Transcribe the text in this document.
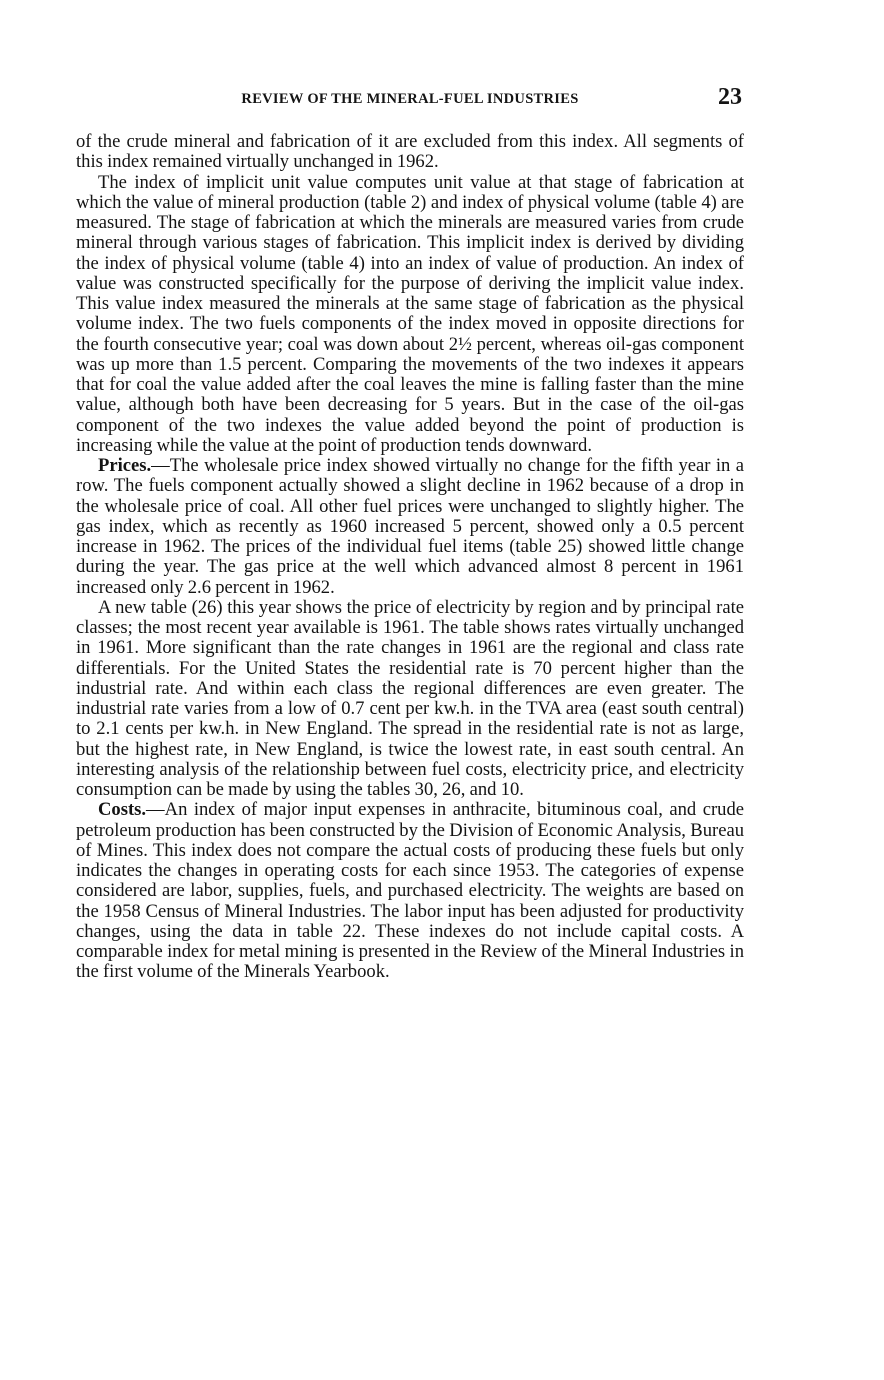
REVIEW OF THE MINERAL-FUEL INDUSTRIES	23

of the crude mineral and fabrication of it are excluded from this index. All segments of this index remained virtually unchanged in 1962.

The index of implicit unit value computes unit value at that stage of fabrication at which the value of mineral production (table 2) and index of physical volume (table 4) are measured. The stage of fabrication at which the minerals are measured varies from crude mineral through various stages of fabrication. This implicit index is derived by dividing the index of physical volume (table 4) into an index of value of production. An index of value was constructed specifically for the purpose of deriving the implicit value index. This value index measured the minerals at the same stage of fabrication as the physical volume index. The two fuels components of the index moved in opposite directions for the fourth consecutive year; coal was down about 2½ percent, whereas oil-gas component was up more than 1.5 percent. Comparing the movements of the two indexes it appears that for coal the value added after the coal leaves the mine is falling faster than the mine value, although both have been decreasing for 5 years. But in the case of the oil-gas component of the two indexes the value added beyond the point of production is increasing while the value at the point of production tends downward.

Prices.—The wholesale price index showed virtually no change for the fifth year in a row. The fuels component actually showed a slight decline in 1962 because of a drop in the wholesale price of coal. All other fuel prices were unchanged to slightly higher. The gas index, which as recently as 1960 increased 5 percent, showed only a 0.5 percent increase in 1962. The prices of the individual fuel items (table 25) showed little change during the year. The gas price at the well which advanced almost 8 percent in 1961 increased only 2.6 percent in 1962.

A new table (26) this year shows the price of electricity by region and by principal rate classes; the most recent year available is 1961. The table shows rates virtually unchanged in 1961. More significant than the rate changes in 1961 are the regional and class rate differentials. For the United States the residential rate is 70 percent higher than the industrial rate. And within each class the regional differences are even greater. The industrial rate varies from a low of 0.7 cent per kw.h. in the TVA area (east south central) to 2.1 cents per kw.h. in New England. The spread in the residential rate is not as large, but the highest rate, in New England, is twice the lowest rate, in east south central. An interesting analysis of the relationship between fuel costs, electricity price, and electricity consumption can be made by using the tables 30, 26, and 10.

Costs.—An index of major input expenses in anthracite, bituminous coal, and crude petroleum production has been constructed by the Division of Economic Analysis, Bureau of Mines. This index does not compare the actual costs of producing these fuels but only indicates the changes in operating costs for each since 1953. The categories of expense considered are labor, supplies, fuels, and purchased electricity. The weights are based on the 1958 Census of Mineral Industries. The labor input has been adjusted for productivity changes, using the data in table 22. These indexes do not include capital costs. A comparable index for metal mining is presented in the Review of the Mineral Industries in the first volume of the Minerals Yearbook.
